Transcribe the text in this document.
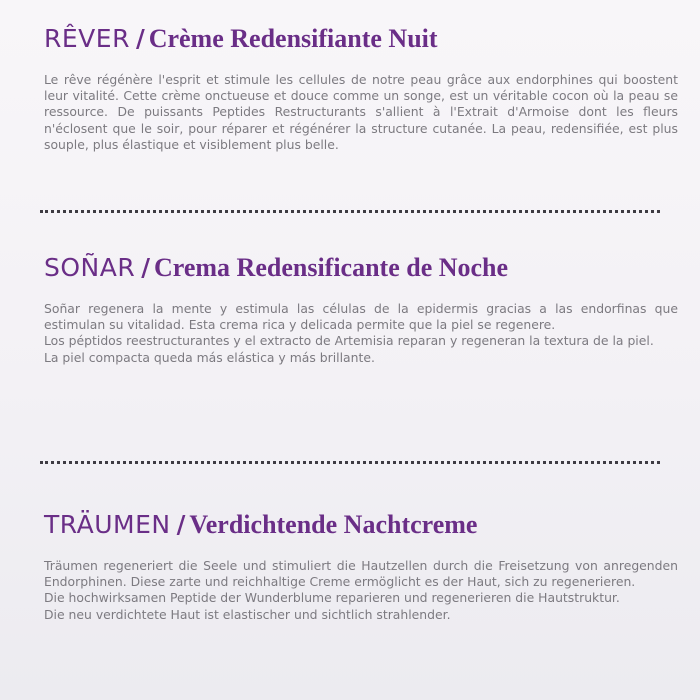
RÊVER / Crème Redensifiante Nuit

Le rêve régénère l'esprit et stimule les cellules de notre peau grâce aux endorphines qui boostent leur vitalité. Cette crème onctueuse et douce comme un songe, est un véritable cocon où la peau se ressource. De puissants Peptides Restructurants s'allient à l'Extrait d'Armoise dont les fleurs n'éclosent que le soir, pour réparer et régénérer la structure cutanée. La peau, redensifiée, est plus souple, plus élastique et visiblement plus belle.

SOÑAR / Crema Redensificante de Noche

Soñar regenera la mente y estimula las células de la epidermis gracias a las endorfinas que estimulan su vitalidad. Esta crema rica y delicada permite que la piel se regenere.

Los péptidos reestructurantes y el extracto de Artemisia reparan y regeneran la textura de la piel.

La piel compacta queda más elástica y más brillante.

TRÄUMEN / Verdichtende Nachtcreme

Träumen regeneriert die Seele und stimuliert die Hautzellen durch die Freisetzung von anregenden Endorphinen. Diese zarte und reichhaltige Creme ermöglicht es der Haut, sich zu regenerieren.

Die hochwirksamen Peptide der Wunderblume reparieren und regenerieren die Hautstruktur.

Die neu verdichtete Haut ist elastischer und sichtlich strahlender.
